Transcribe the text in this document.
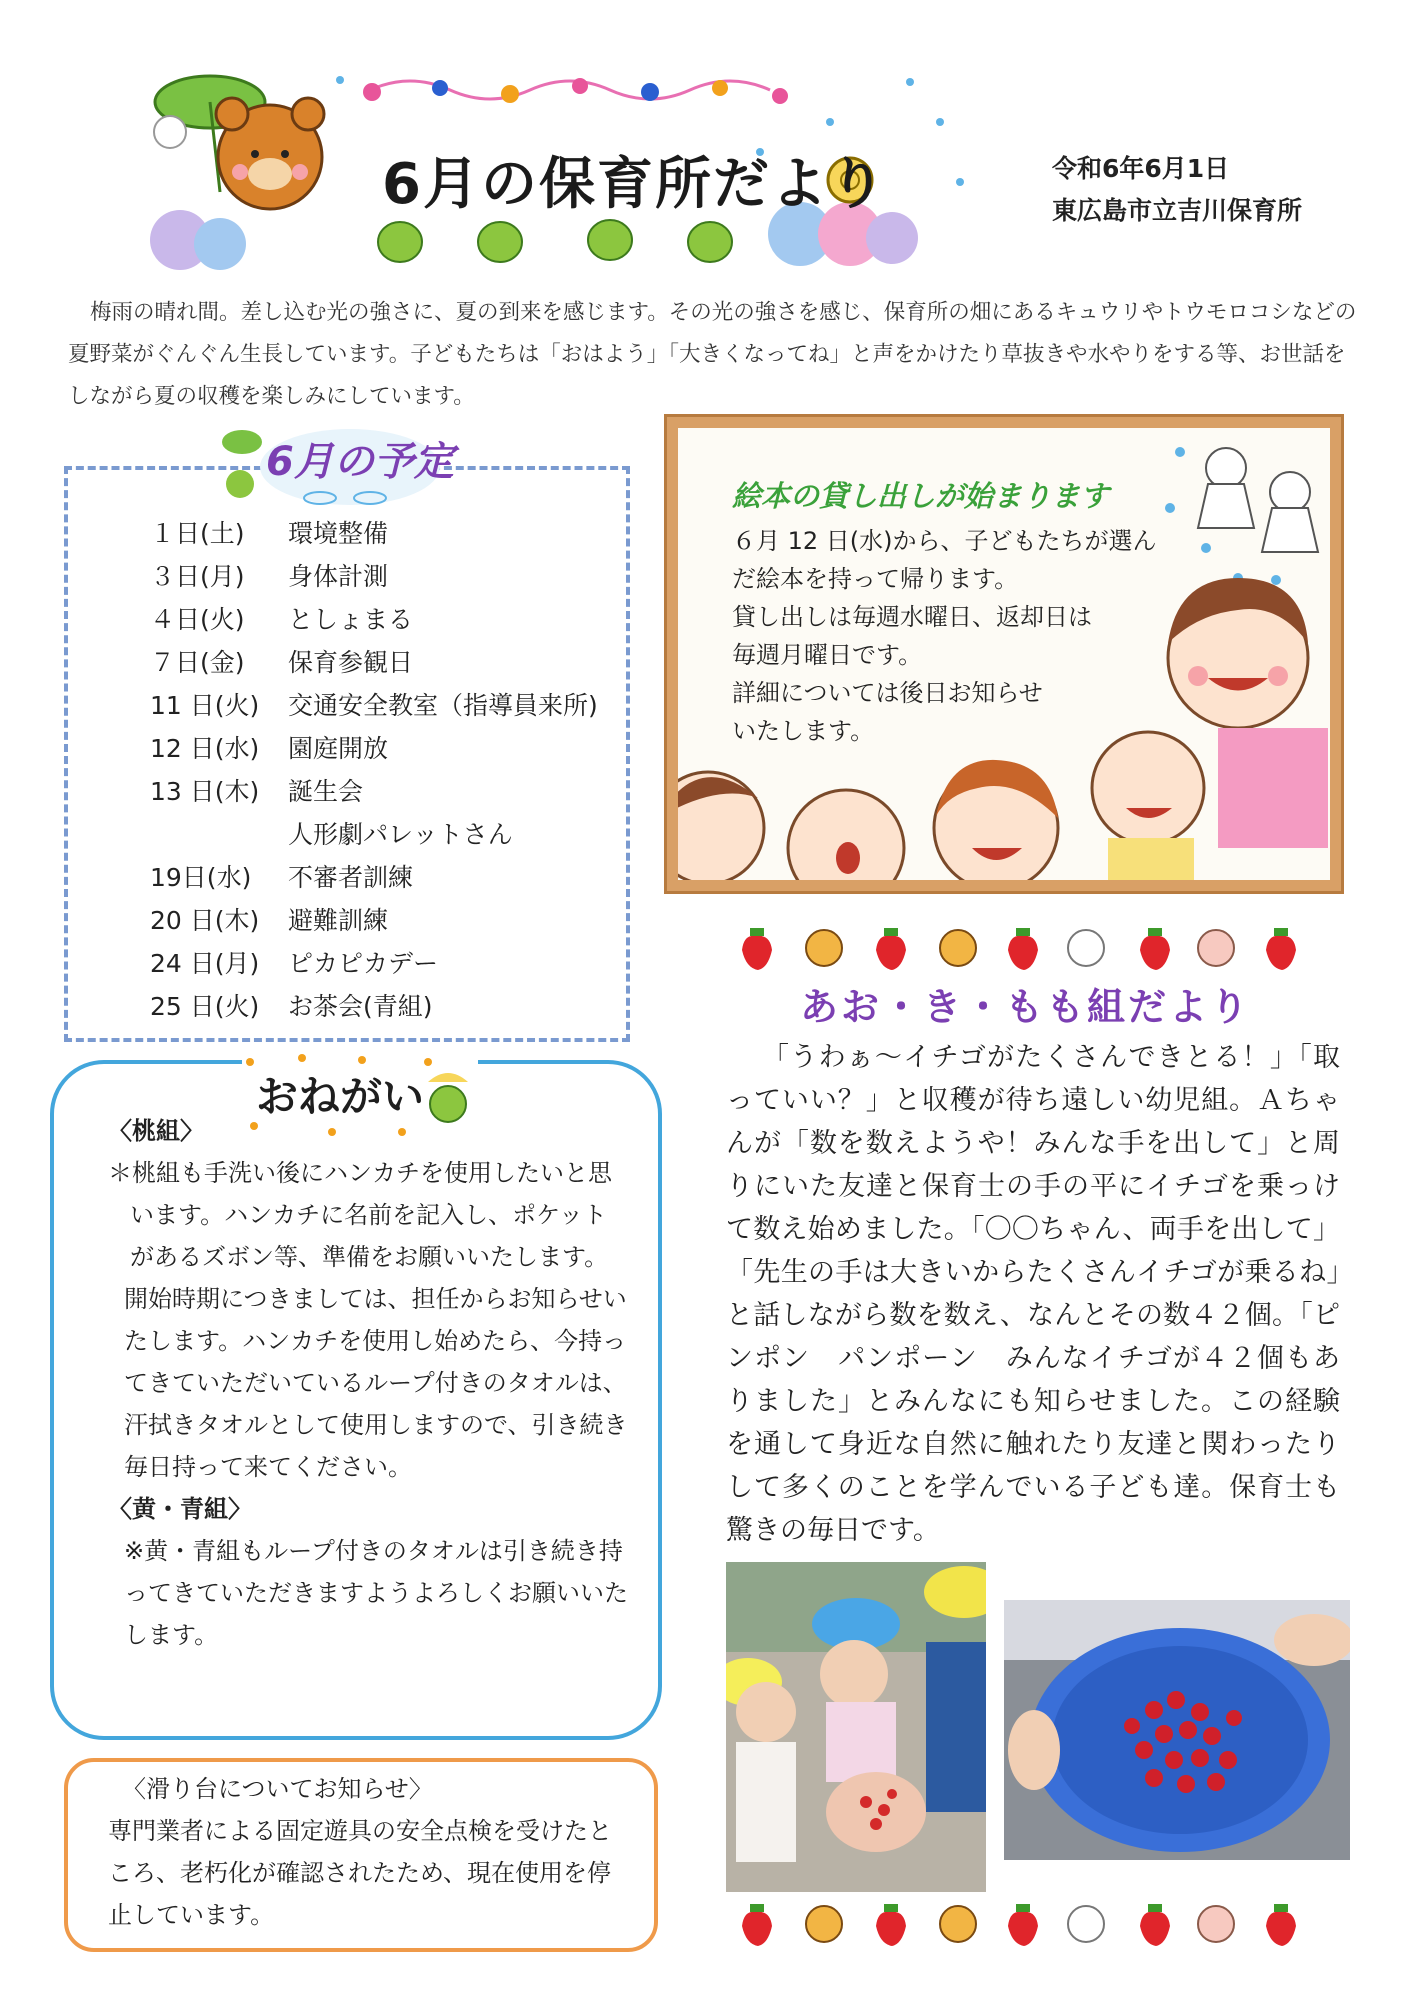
6月の保育所だより	令和6年6月1日
東広島市立吉川保育所
梅雨の晴れ間。差し込む光の強さに、夏の到来を感じます。その光の強さを感じ、保育所の畑にあるキュウリやトウモロコシなどの夏野菜がぐんぐん生長しています。子どもたちは「おはよう」「大きくなってね」と声をかけたり草抜きや水やりをする等、お世話をしながら夏の収穫を楽しみにしています。
6月の予定
１日(土) 環境整備
３日(月) 身体計測
４日(火) としょまる
７日(金) 保育参観日
11 日(火) 交通安全教室（指導員来所)
12 日(水) 園庭開放
13 日(木) 誕生会
人形劇パレットさん
19日(水) 不審者訓練
20 日(木) 避難訓練
24 日(月) ピカピカデー
25 日(火) お茶会(青組)
絵本の貸し出しが始まります

６月 12 日(水)から、子どもたちが選ん

だ絵本を持って帰ります。

貸し出しは毎週水曜日、返却日は

毎週月曜日です。

詳細については後日お知らせ

いたします。

あお・き・もも組だより
「うわぁ～イチゴがたくさんできとる！」「取っていい？」と収穫が待ち遠しい幼児組。Ａちゃんが「数を数えようや！みんな手を出して」と周りにいた友達と保育士の手の平にイチゴを乗っけて数え始めました。「〇〇ちゃん、両手を出して」「先生の手は大きいからたくさんイチゴが乗るね」と話しながら数を数え、なんとその数４２個。「ピンポン　パンポーン　みんなイチゴが４２個もありました」とみんなにも知らせました。この経験を通して身近な自然に触れたり友達と関わったりして多くのことを学んでいる子ども達。保育士も驚きの毎日です。
おねがい

〈桃組〉

＊桃組も手洗い後にハンカチを使用したいと思います。ハンカチに名前を記入し、ポケットがあるズボン等、準備をお願いいたします。

開始時期につきましては、担任からお知らせいたします。ハンカチを使用し始めたら、今持ってきていただいているループ付きのタオルは、汗拭きタオルとして使用しますので、引き続き毎日持って来てください。

〈黄・青組〉

※黄・青組もループ付きのタオルは引き続き持ってきていただきますようよろしくお願いいたします。

〈滑り台についてお知らせ〉

専門業者による固定遊具の安全点検を受けたところ、老朽化が確認されたため、現在使用を停止しています。
